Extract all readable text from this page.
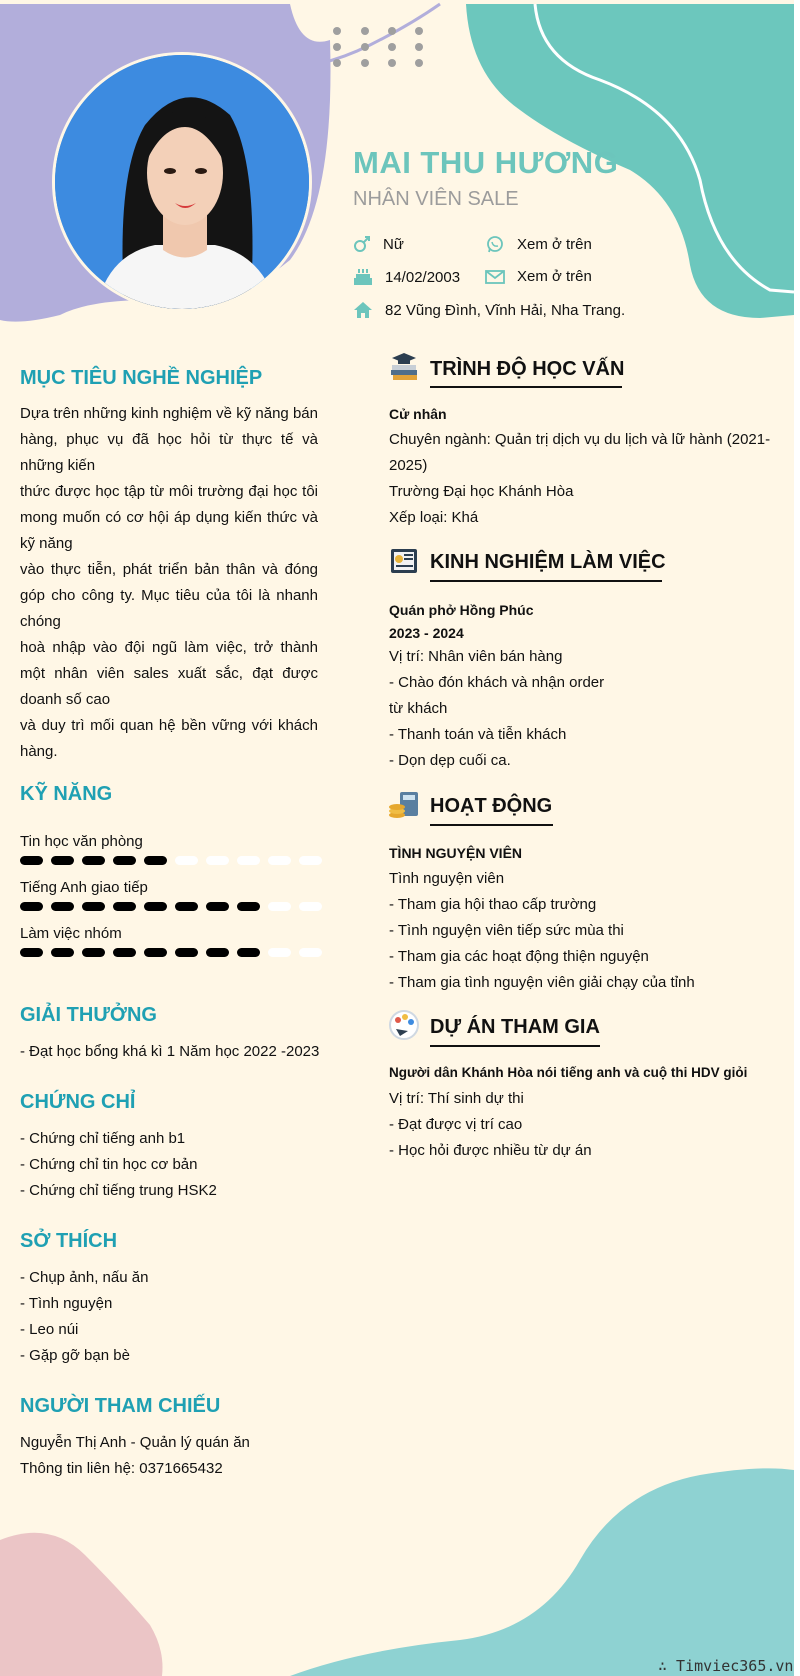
MAI THU HƯƠNG
NHÂN VIÊN SALE
Nữ	Xem ở trên
14/02/2003	Xem ở trên
82 Vũng Đình, Vĩnh Hải, Nha Trang.
MỤC TIÊU NGHỀ NGHIỆP
Dựa trên những kinh nghiệm về kỹ năng bán
hàng, phục vụ đã học hỏi từ thực tế và
những kiến
thức được học tập từ môi trường đại học tôi
mong muốn có cơ hội áp dụng kiến thức và
kỹ năng
vào thực tiễn, phát triển bản thân và đóng
góp cho công ty. Mục tiêu của tôi là nhanh
chóng
hoà nhập vào đội ngũ làm việc, trở thành
một nhân viên sales xuất sắc, đạt được
doanh số cao
và duy trì mối quan hệ bền vững với khách
hàng.
KỸ NĂNG
Tin học văn phòng
Tiếng Anh giao tiếp
Làm việc nhóm
GIẢI THƯỞNG
- Đạt học bổng khá kì 1 Năm học 2022 -2023
CHỨNG CHỈ
- Chứng chỉ tiếng anh b1
- Chứng chỉ tin học cơ bản
- Chứng chỉ tiếng trung HSK2
SỞ THÍCH
- Chụp ảnh, nấu ăn
- Tình nguyện
- Leo núi
- Gặp gỡ bạn bè
NGƯỜI THAM CHIẾU
Nguyễn Thị Anh - Quản lý quán ăn
Thông tin liên hệ: 0371665432
TRÌNH ĐỘ HỌC VẤN
Cử nhân
Chuyên ngành: Quản trị dịch vụ du lịch và lữ hành (2021-
2025)
Trường Đại học Khánh Hòa
Xếp loại: Khá
KINH NGHIỆM LÀM VIỆC
Quán phở Hồng Phúc
2023 - 2024
Vị trí: Nhân viên bán hàng
- Chào đón khách và nhận order
từ khách
- Thanh toán và tiễn khách
- Dọn dẹp cuối ca.
HOẠT ĐỘNG
TÌNH NGUYỆN VIÊN
Tình nguyện viên
- Tham gia hội thao cấp trường
- Tình nguyện viên tiếp sức mùa thi
- Tham gia các hoạt động thiện nguyện
- Tham gia tình nguyện viên giải chạy của tỉnh
DỰ ÁN THAM GIA
Người dân Khánh Hòa nói tiếng anh và cuộ thi HDV giỏi
Vị trí: Thí sinh dự thi
- Đạt được vị trí cao
- Học hỏi được nhiều từ dự án
∴ Timviec365.vn
